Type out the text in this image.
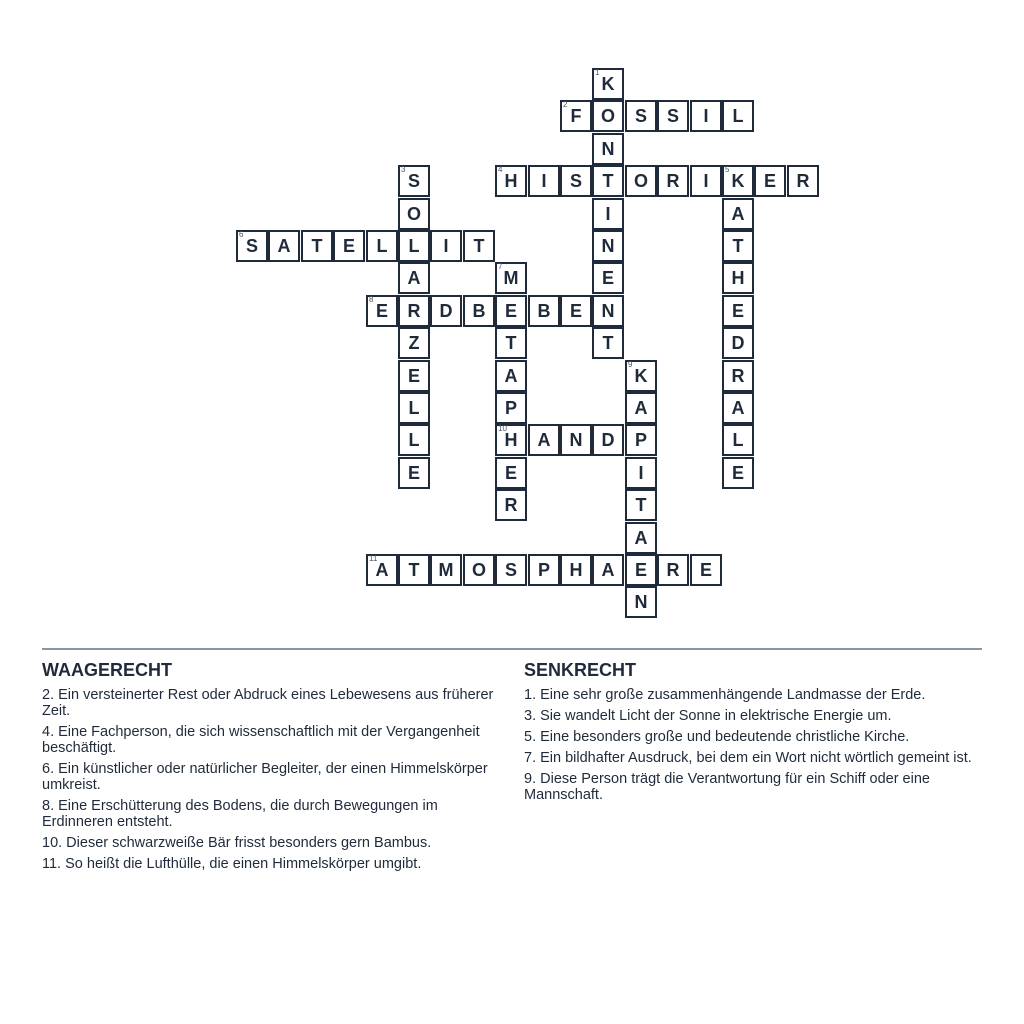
K
1
O
N
T
I
N
E
N
T
F
2
S	S	I	L
S
3
O
L
A
R
Z
E
L
L
E
H
4
I	S	O	R	I	K
5
E	R
A
T
H
E
D
R
A
L
E
S
6
A	T	E	L	I	T
M
7
E
T
A
P
H
10
E
R
E
8
D	B	B	E
K
9
A
P
I
T
A
E
N
A	N	D
A
11
T	M	O	S	P	H	A	R	E
WAAGERECHT
2. Ein versteinerter Rest oder Abdruck eines Lebewesens aus früherer Zeit.
4. Eine Fachperson, die sich wissenschaftlich mit der Vergangenheit beschäftigt.
6. Ein künstlicher oder natürlicher Begleiter, der einen Himmelskörper umkreist.
8. Eine Erschütterung des Bodens, die durch Bewegungen im Erdinneren entsteht.
10. Dieser schwarzweiße Bär frisst besonders gern Bambus.
11. So heißt die Lufthülle, die einen Himmelskörper umgibt.
SENKRECHT
1. Eine sehr große zusammenhängende Landmasse der Erde.
3. Sie wandelt Licht der Sonne in elektrische Energie um.
5. Eine besonders große und bedeutende christliche Kirche.
7. Ein bildhafter Ausdruck, bei dem ein Wort nicht wörtlich gemeint ist.
9. Diese Person trägt die Verantwortung für ein Schiff oder eine Mannschaft.
